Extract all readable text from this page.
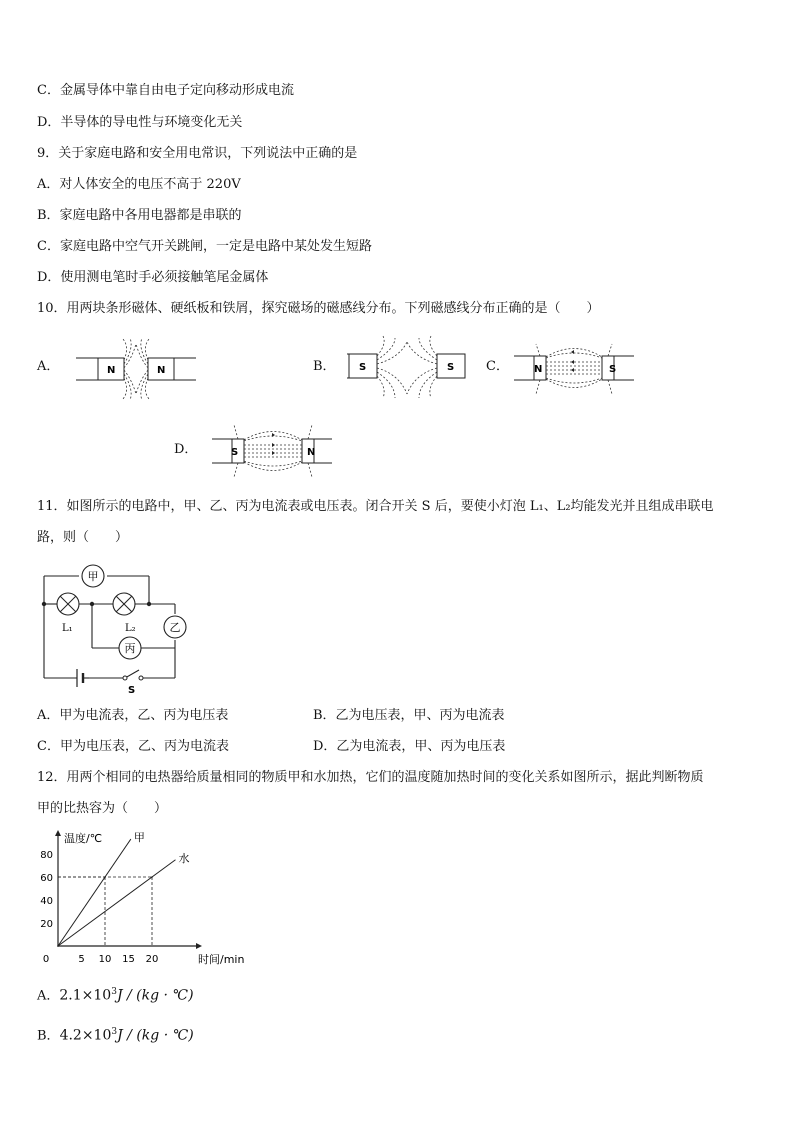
C．金属导体中靠自由电子定向移动形成电流
D．半导体的导电性与环境变化无关
9．关于家庭电路和安全用电常识，下列说法中正确的是
A．对人体安全的电压不高于 220V
B．家庭电路中各用电器都是串联的
C．家庭电路中空气开关跳闸，一定是电路中某处发生短路
D．使用测电笔时手必须接触笔尾金属体
10．用两块条形磁体、硬纸板和铁屑，探究磁场的磁感线分布。下列磁感线分布正确的是（　　）
A．	N	N	B． S	S C．	N	S
D．	S	N
11．如图所示的电路中，甲、乙、丙为电流表或电压表。闭合开关 S 后，要使小灯泡 L₁、L₂均能发光并且组成串联电
路，则（　　）
甲
L₁	L₂	乙
丙
S
A．甲为电流表，乙、丙为电压表	B．乙为电压表，甲、丙为电流表
C．甲为电压表，乙、丙为电流表	D．乙为电流表，甲、丙为电压表
12．用两个相同的电热器给质量相同的物质甲和水加热，它们的温度随加热时间的变化关系如图所示，据此判断物质
甲的比热容为（　　）
0	5 10 15 20
20
40
60
80
时间/min
温度/℃	甲
水
A．$2.1\times 10^3J / (kg$ · ℃)
B．$4.2\times 10^3J / (kg$ · ℃)
